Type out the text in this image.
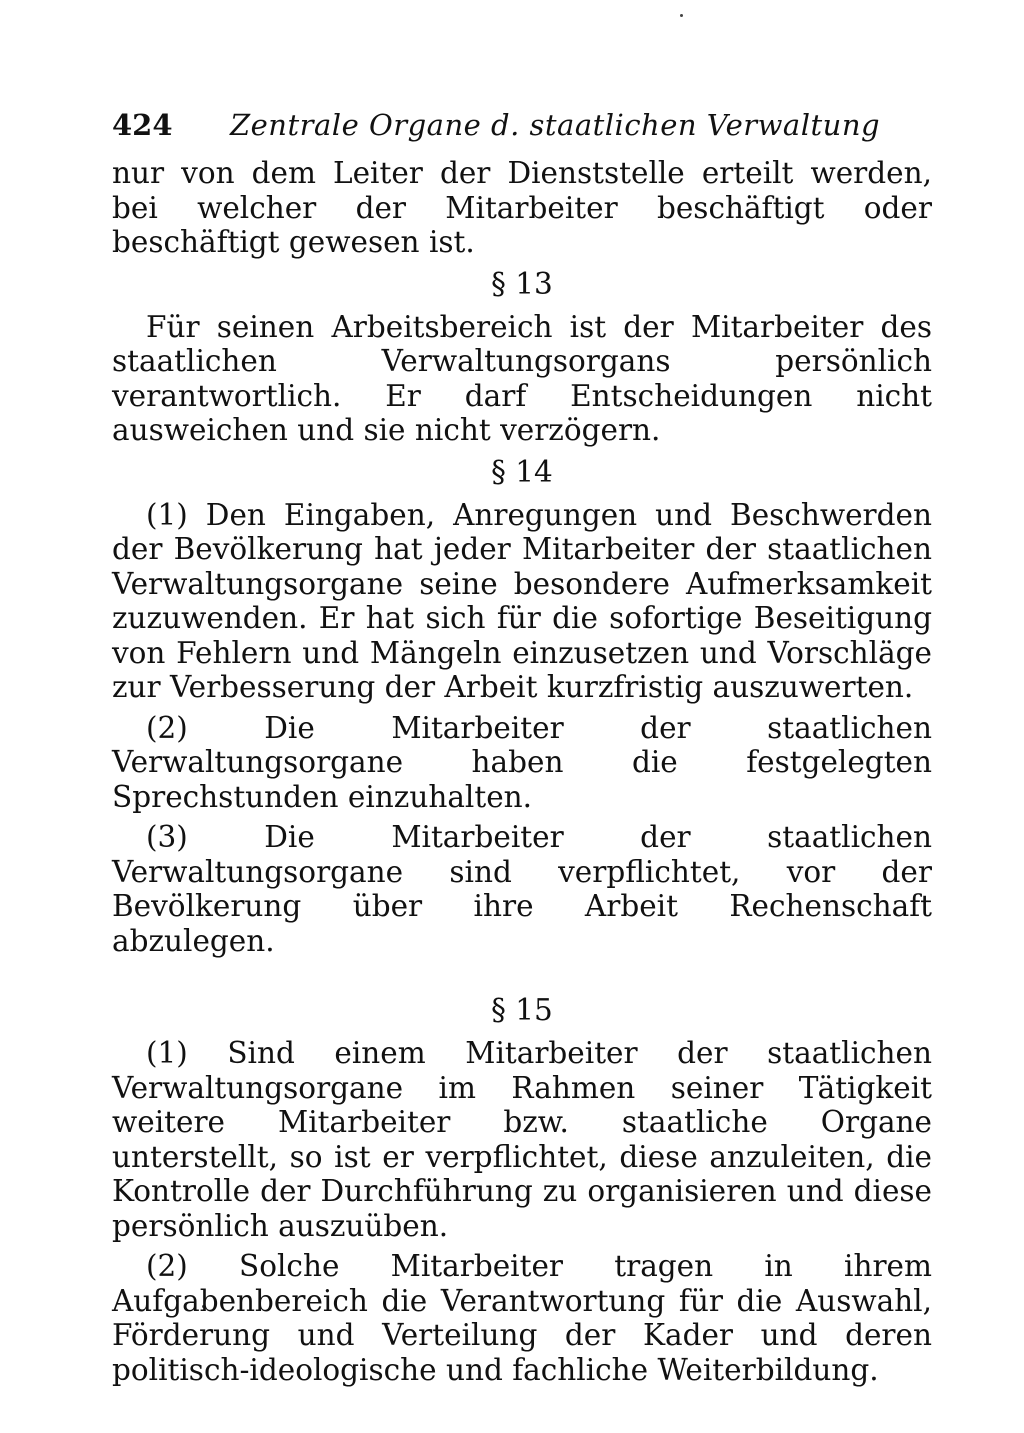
424	Zentrale Organe d. staatlichen Verwaltung

nur von dem Leiter der Dienststelle erteilt werden, bei welcher der Mitarbeiter beschäftigt oder beschäftigt gewesen ist.

§ 13

Für seinen Arbeitsbereich ist der Mitarbeiter des staatlichen Verwaltungsorgans persönlich verantwortlich. Er darf Entscheidungen nicht ausweichen und sie nicht verzögern.

§ 14

(1) Den Eingaben, Anregungen und Beschwerden der Bevölkerung hat jeder Mitarbeiter der staatlichen Verwaltungsorgane seine besondere Aufmerksamkeit zuzuwenden. Er hat sich für die sofortige Beseitigung von Fehlern und Mängeln einzusetzen und Vorschläge zur Verbesserung der Arbeit kurzfristig auszuwerten.

(2) Die Mitarbeiter der staatlichen Verwaltungsorgane haben die festgelegten Sprechstunden einzuhalten.

(3) Die Mitarbeiter der staatlichen Verwaltungsorgane sind verpflichtet, vor der Bevölkerung über ihre Arbeit Rechenschaft abzulegen.

§ 15

(1) Sind einem Mitarbeiter der staatlichen Verwaltungsorgane im Rahmen seiner Tätigkeit weitere Mitarbeiter bzw. staatliche Organe unterstellt, so ist er verpflichtet, diese anzuleiten, die Kontrolle der Durchführung zu organisieren und diese persönlich auszuüben.

(2) Solche Mitarbeiter tragen in ihrem Aufgabenbereich die Verantwortung für die Auswahl, Förderung und Verteilung der Kader und deren politisch-ideologische und fachliche Weiterbildung.
